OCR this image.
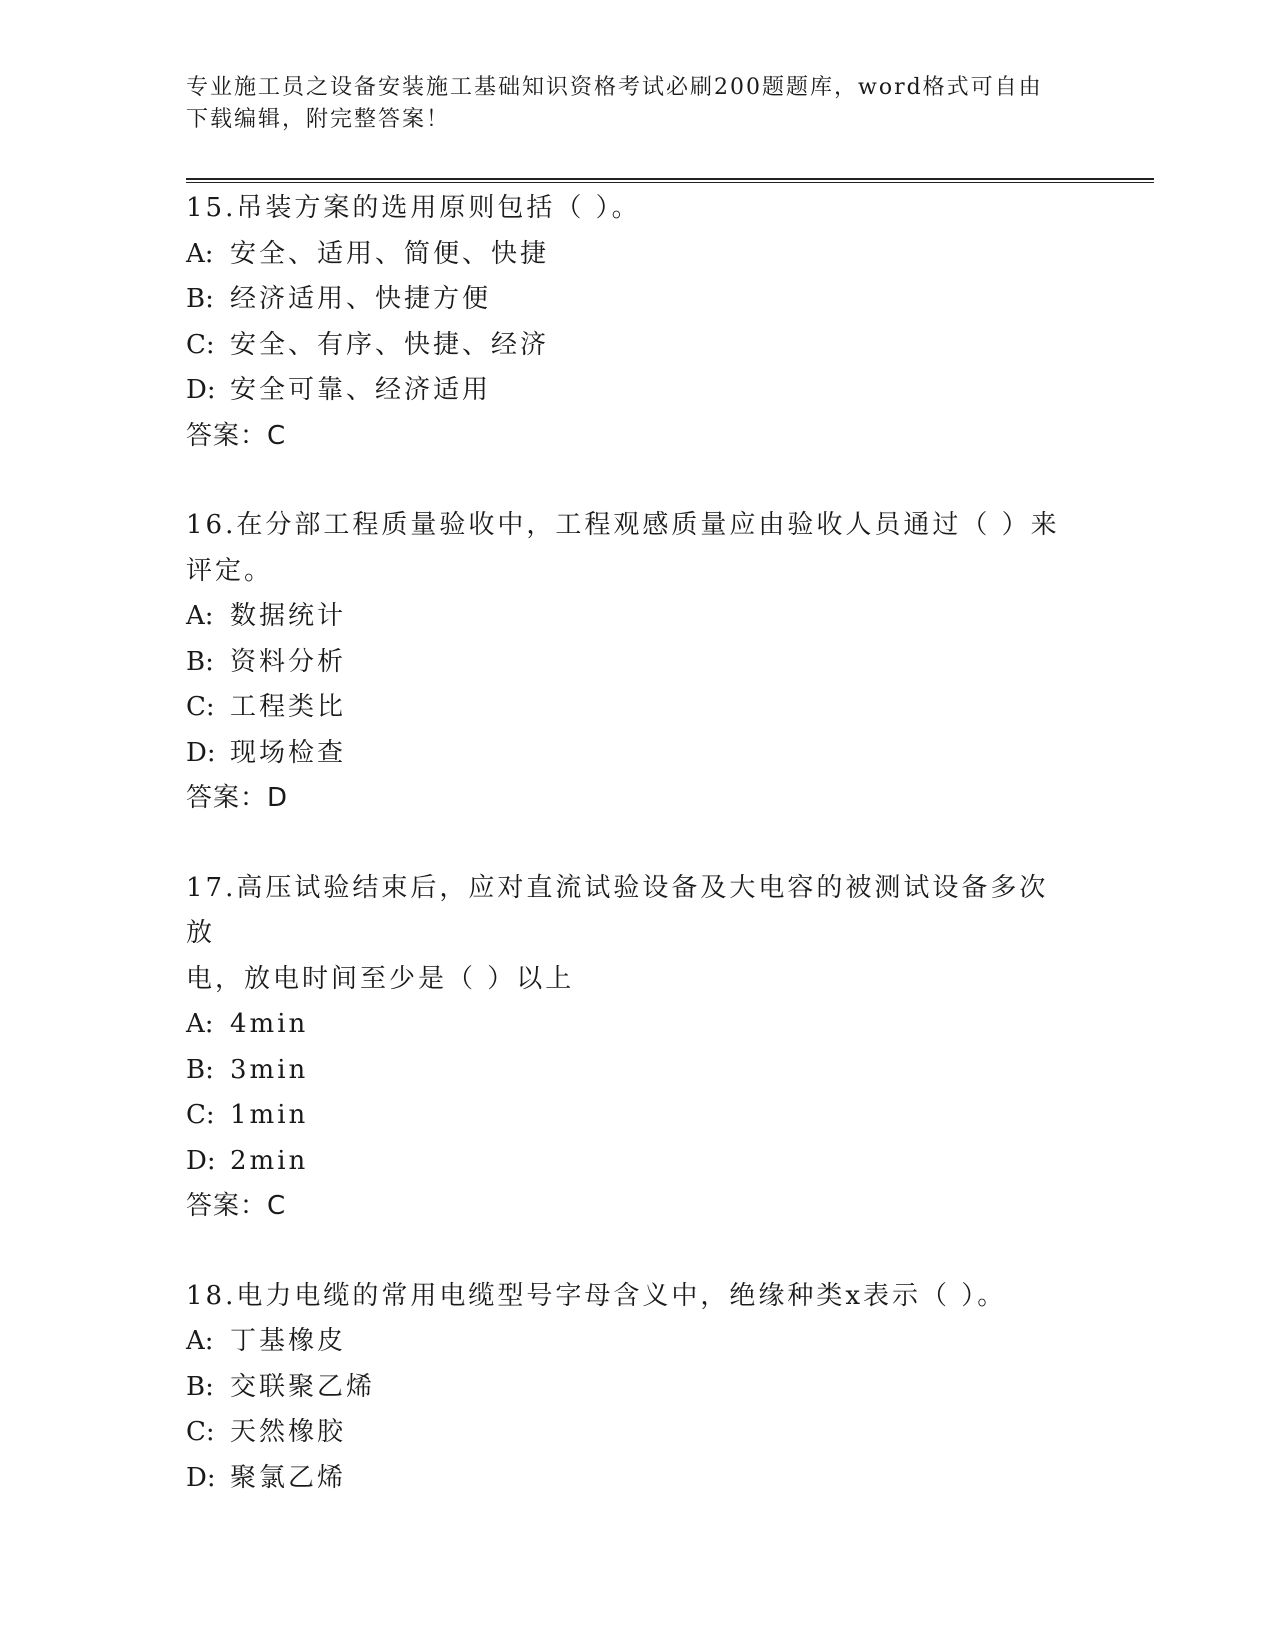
专业施工员之设备安装施工基础知识资格考试必刷200题题库，word格式可自由
下载编辑，附完整答案！
15.吊装方案的选用原则包括（ ）。
A: 安全、适用、简便、快捷
B: 经济适用、快捷方便
C: 安全、有序、快捷、经济
D: 安全可靠、经济适用
答案：C
16.在分部工程质量验收中，工程观感质量应由验收人员通过（ ）来
评定。
A: 数据统计
B: 资料分析
C: 工程类比
D: 现场检查
答案：D
17.高压试验结束后，应对直流试验设备及大电容的被测试设备多次放
电，放电时间至少是（ ）以上
A: 4min
B: 3min
C: 1min
D: 2min
答案：C
18.电力电缆的常用电缆型号字母含义中，绝缘种类x表示（ ）。
A: 丁基橡皮
B: 交联聚乙烯
C: 天然橡胶
D: 聚氯乙烯
